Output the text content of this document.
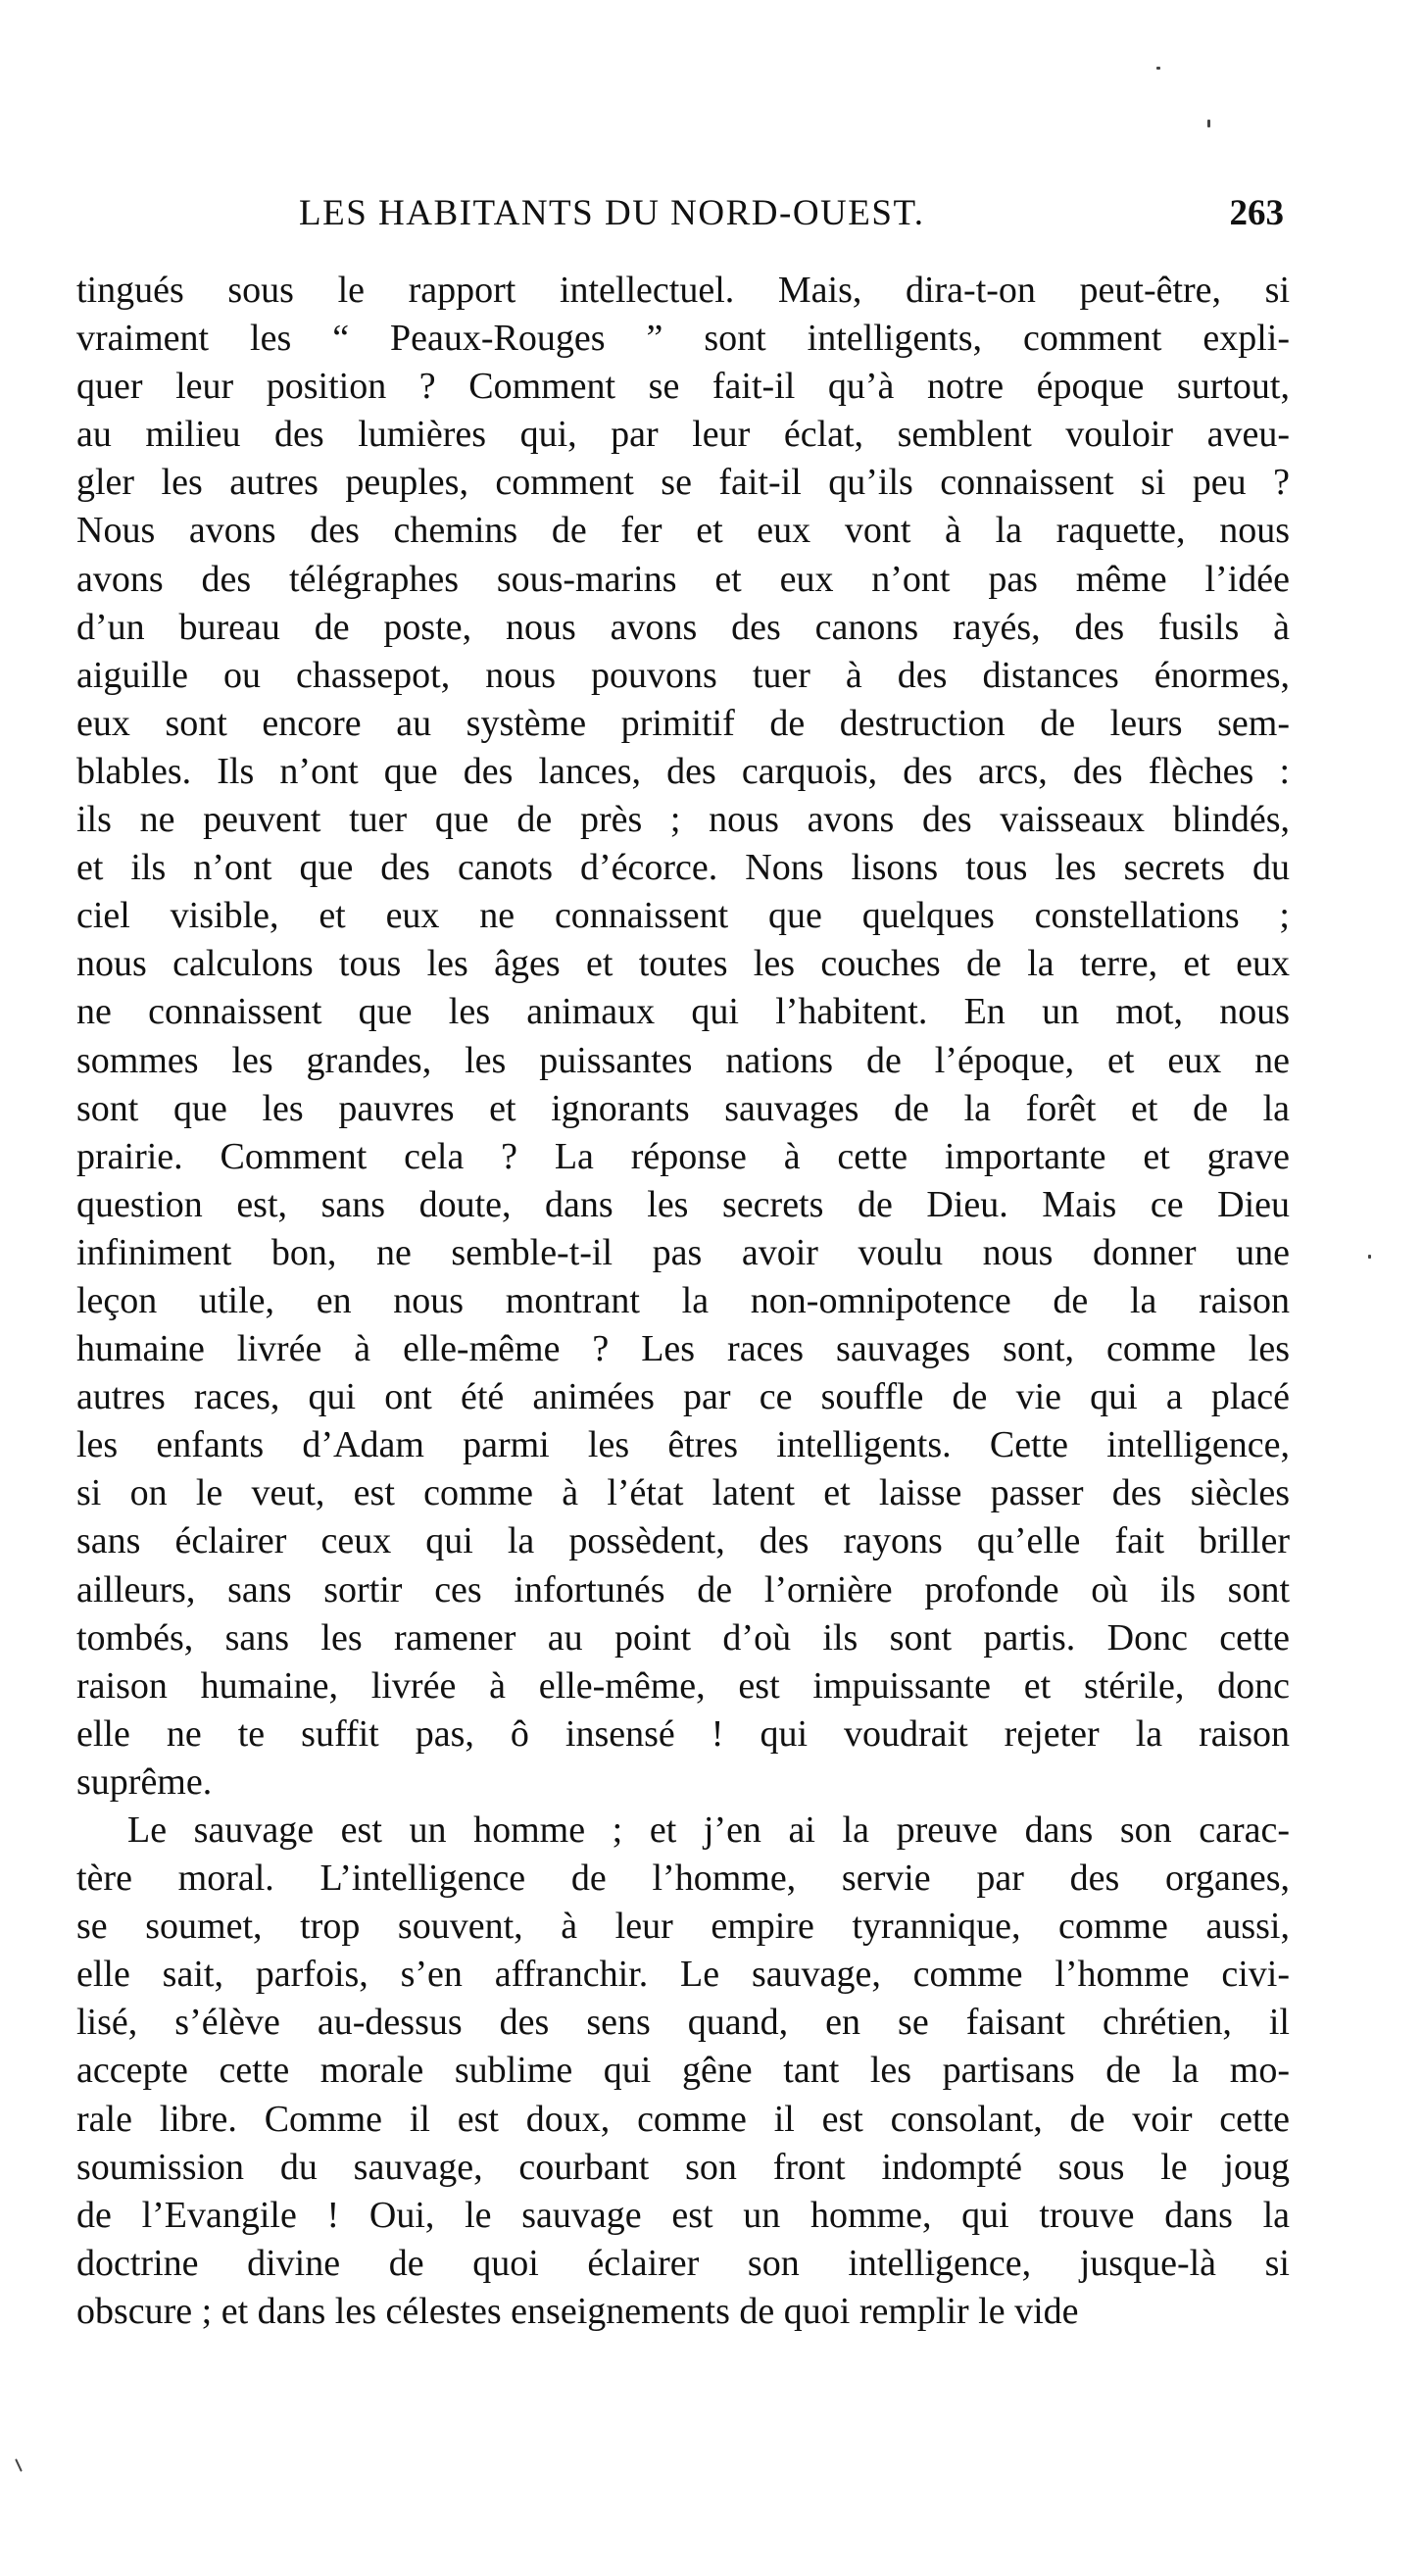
LES HABITANTS DU NORD-OUEST.	263
tingués sous le rapport intellectuel. Mais, dira-t-on peut-être, si
vraiment les “ Peaux-Rouges ” sont intelligents, comment expli-
quer leur position ? Comment se fait-il qu’à notre époque surtout,
au milieu des lumières qui, par leur éclat, semblent vouloir aveu-
gler les autres peuples, comment se fait-il qu’ils connaissent si peu ?
Nous avons des chemins de fer et eux vont à la raquette, nous
avons des télégraphes sous-marins et eux n’ont pas même l’idée
d’un bureau de poste, nous avons des canons rayés, des fusils à
aiguille ou chassepot, nous pouvons tuer à des distances énormes,
eux sont encore au système primitif de destruction de leurs sem-
blables. Ils n’ont que des lances, des carquois, des arcs, des flèches :
ils ne peuvent tuer que de près ; nous avons des vaisseaux blindés,
et ils n’ont que des canots d’écorce. Nons lisons tous les secrets du
ciel visible, et eux ne connaissent que quelques constellations ;
nous calculons tous les âges et toutes les couches de la terre, et eux
ne connaissent que les animaux qui l’habitent. En un mot, nous
sommes les grandes, les puissantes nations de l’époque, et eux ne
sont que les pauvres et ignorants sauvages de la forêt et de la
prairie. Comment cela ? La réponse à cette importante et grave
question est, sans doute, dans les secrets de Dieu. Mais ce Dieu
infiniment bon, ne semble-t-il pas avoir voulu nous donner une
leçon utile, en nous montrant la non-omnipotence de la raison
humaine livrée à elle-même ? Les races sauvages sont, comme les
autres races, qui ont été animées par ce souffle de vie qui a placé
les enfants d’Adam parmi les êtres intelligents. Cette intelligence,
si on le veut, est comme à l’état latent et laisse passer des siècles
sans éclairer ceux qui la possèdent, des rayons qu’elle fait briller
ailleurs, sans sortir ces infortunés de l’ornière profonde où ils sont
tombés, sans les ramener au point d’où ils sont partis. Donc cette
raison humaine, livrée à elle-même, est impuissante et stérile, donc
elle ne te suffit pas, ô insensé ! qui voudrait rejeter la raison
suprême.
Le sauvage est un homme ; et j’en ai la preuve dans son carac-
tère moral. L’intelligence de l’homme, servie par des organes,
se soumet, trop souvent, à leur empire tyrannique, comme aussi,
elle sait, parfois, s’en affranchir. Le sauvage, comme l’homme civi-
lisé, s’élève au-dessus des sens quand, en se faisant chrétien, il
accepte cette morale sublime qui gêne tant les partisans de la mo-
rale libre. Comme il est doux, comme il est consolant, de voir cette
soumission du sauvage, courbant son front indompté sous le joug
de l’Evangile ! Oui, le sauvage est un homme, qui trouve dans la
doctrine divine de quoi éclairer son intelligence, jusque-là si
obscure ; et dans les célestes enseignements de quoi remplir le vide
